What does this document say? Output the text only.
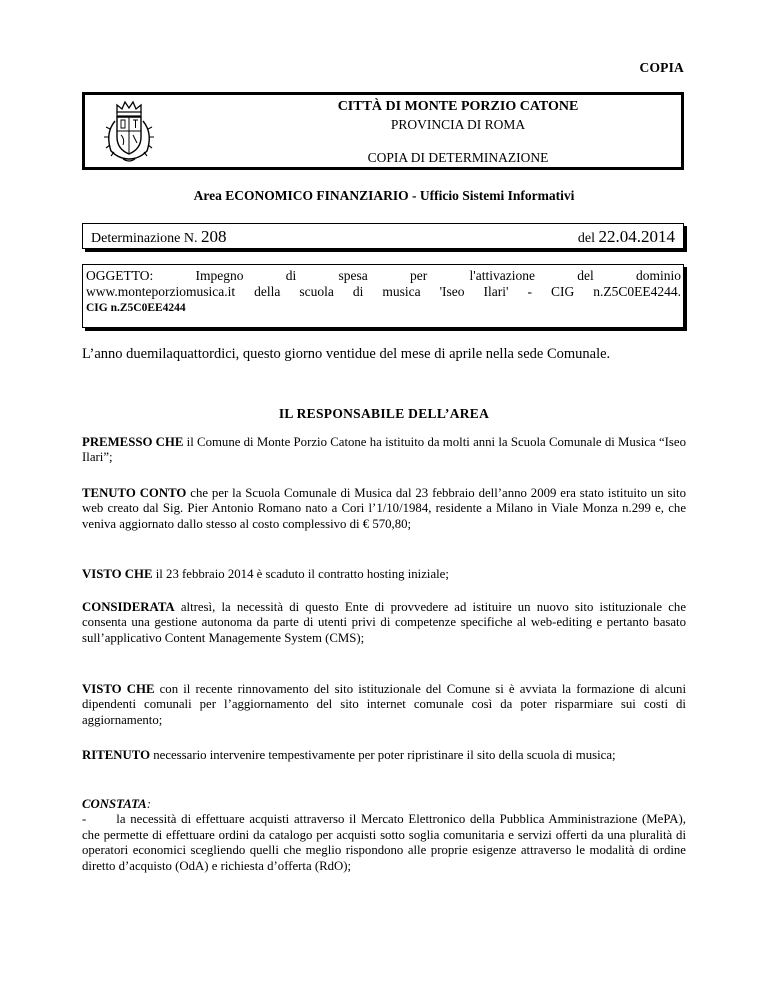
COPIA
CITTÀ DI MONTE PORZIO CATONE
PROVINCIA DI ROMA
COPIA DI DETERMINAZIONE
Area ECONOMICO FINANZIARIO - Ufficio Sistemi Informativi
Determinazione N. 208	del 22.04.2014
OGGETTO: Impegno di spesa per l'attivazione del dominio
www.monteporziomusica.it della scuola di musica 'Iseo Ilari' - CIG n.Z5C0EE4244.
CIG n.Z5C0EE4244
L’anno duemilaquattordici, questo giorno ventidue del mese di aprile nella sede Comunale.
IL RESPONSABILE DELL’AREA

PREMESSO CHE il Comune di Monte Porzio Catone ha istituito da molti anni la Scuola Comunale di Musica “Iseo Ilari”;

TENUTO CONTO che per la Scuola Comunale di Musica dal 23 febbraio dell’anno 2009 era stato istituito un sito web creato dal Sig. Pier Antonio Romano nato a Cori l’1/10/1984, residente a Milano in Viale Monza n.299 e, che veniva aggiornato dallo stesso al costo complessivo di € 570,80;

VISTO CHE il 23 febbraio 2014 è scaduto il contratto hosting iniziale;

CONSIDERATA altresì, la necessità di questo Ente di provvedere ad istituire un nuovo sito istituzionale che consenta una gestione autonoma da parte di utenti privi di competenze specifiche al web-editing e pertanto basato sull’applicativo Content Managemente System (CMS);

VISTO CHE con il recente rinnovamento del sito istituzionale del Comune si è avviata la formazione di alcuni dipendenti comunali per l’aggiornamento del sito internet comunale così da poter risparmiare sui costi di aggiornamento;

RITENUTO necessario intervenire tempestivamente per poter ripristinare il sito della scuola di musica;

CONSTATA:

- la necessità di effettuare acquisti attraverso il Mercato Elettronico della Pubblica Amministrazione (MePA), che permette di effettuare ordini da catalogo per acquisti sotto soglia comunitaria e servizi offerti da una pluralità di operatori economici scegliendo quelli che meglio rispondono alle proprie esigenze attraverso le modalità di ordine diretto d’acquisto (OdA) e richiesta d’offerta (RdO);
